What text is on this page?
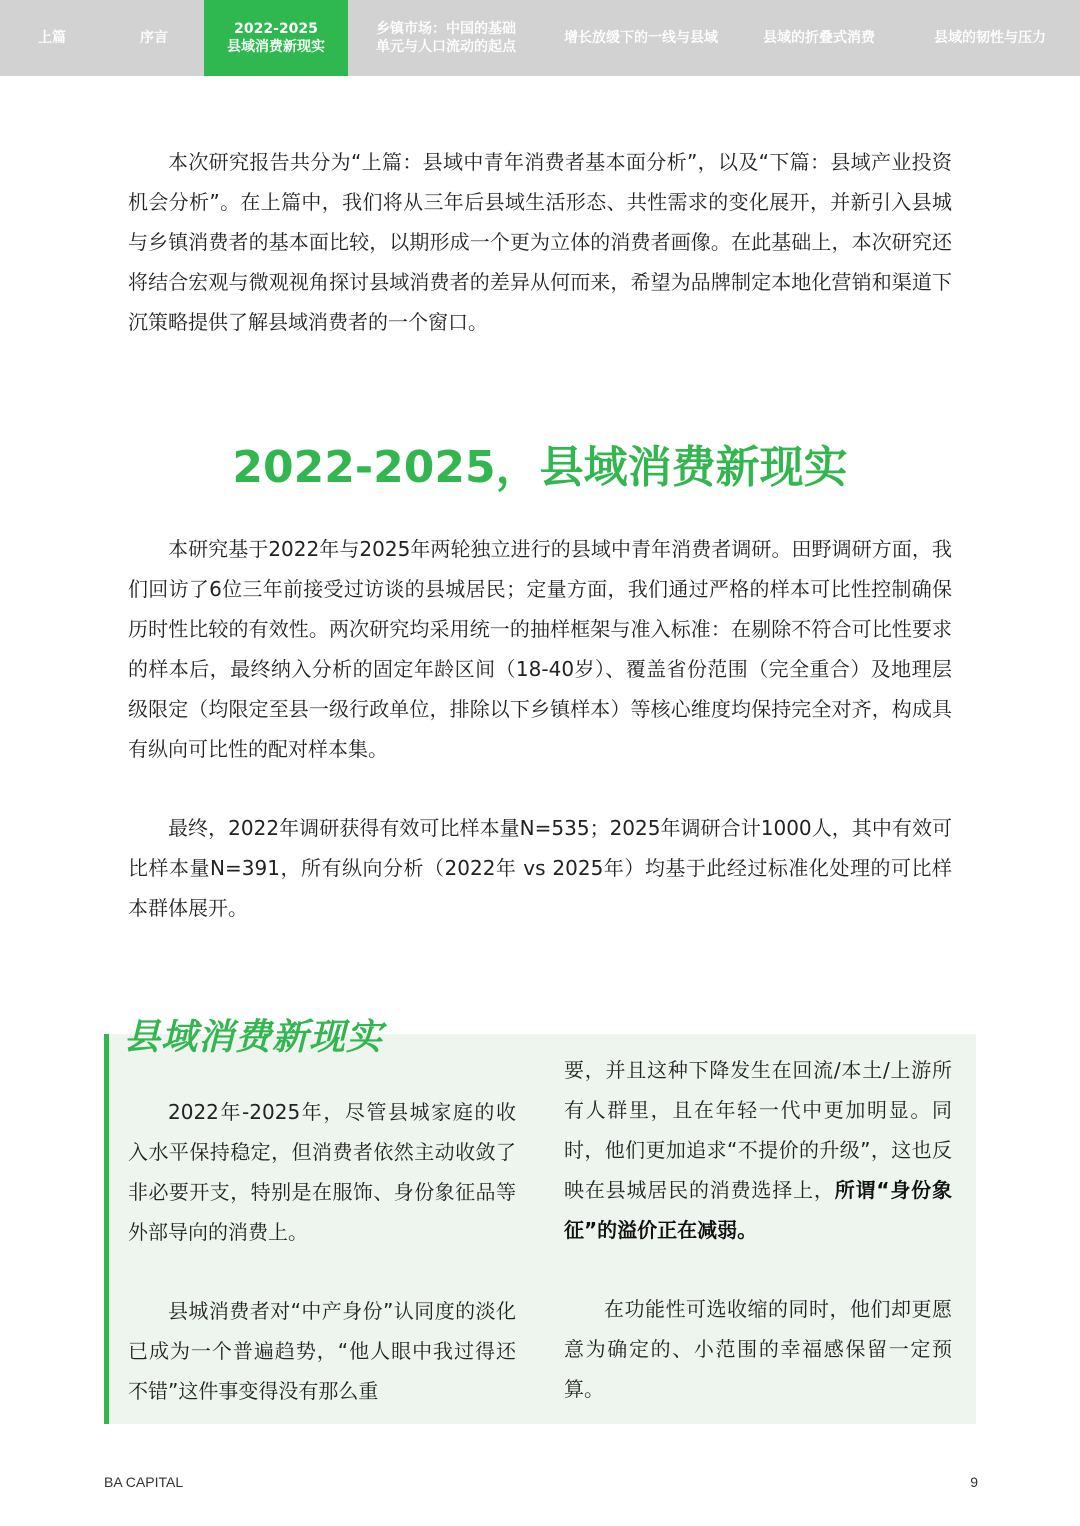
上篇	序言
2022-2025
县域消费新现实
乡镇市场：中国的基础
单元与人口流动的起点
增长放缓下的一线与县域	县域的折叠式消费	县域的韧性与压力

本次研究报告共分为“上篇：县域中青年消费者基本面分析”，以及“下篇：县域产业投资机会分析”。在上篇中，我们将从三年后县域生活形态、共性需求的变化展开，并新引入县城与乡镇消费者的基本面比较，以期形成一个更为立体的消费者画像。在此基础上，本次研究还将结合宏观与微观视角探讨县域消费者的差异从何而来，希望为品牌制定本地化营销和渠道下沉策略提供了解县域消费者的一个窗口。

2022-2025，县域消费新现实

本研究基于2022年与2025年两轮独立进行的县域中青年消费者调研。田野调研方面，我们回访了6位三年前接受过访谈的县城居民；定量方面，我们通过严格的样本可比性控制确保历时性比较的有效性。两次研究均采用统一的抽样框架与准入标准：在剔除不符合可比性要求的样本后，最终纳入分析的固定年龄区间（18-40岁）、覆盖省份范围（完全重合）及地理层级限定（均限定至县一级行政单位，排除以下乡镇样本）等核心维度均保持完全对齐，构成具有纵向可比性的配对样本集。

最终，2022年调研获得有效可比样本量N=535；2025年调研合计1000人，其中有效可比样本量N=391，所有纵向分析（2022年 vs 2025年）均基于此经过标准化处理的可比样本群体展开。

县域消费新现实

2022年-2025年，尽管县城家庭的收入水平保持稳定，但消费者依然主动收敛了非必要开支，特别是在服饰、身份象征品等外部导向的消费上。

县城消费者对“中产身份”认同度的淡化已成为一个普遍趋势，“他人眼中我过得还不错”这件事变得没有那么重

要，并且这种下降发生在回流/本土/上游所有人群里，且在年轻一代中更加明显。同时，他们更加追求“不提价的升级”，这也反映在县城居民的消费选择上，所谓“身份象征”的溢价正在减弱。

在功能性可选收缩的同时，他们却更愿意为确定的、小范围的幸福感保留一定预算。

BA CAPITAL	9
